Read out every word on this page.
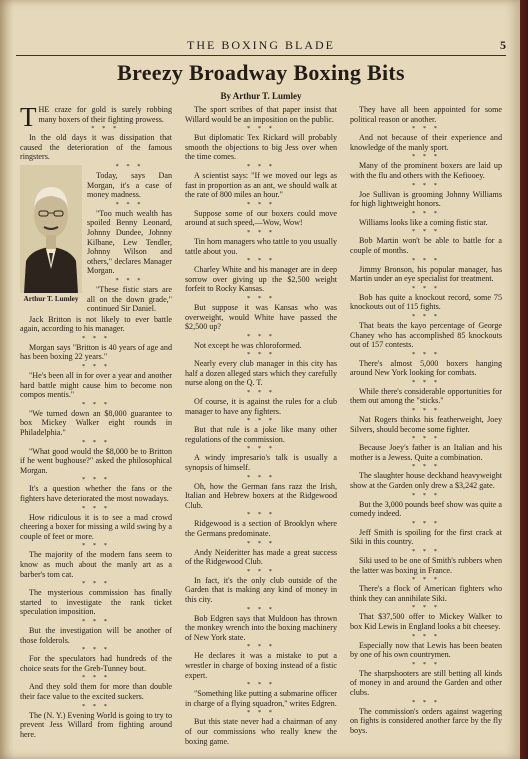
THE BOXING BLADE	5
Breezy Broadway Boxing Bits
By Arthur T. Lumley

THE craze for gold is surely robbing many boxers of their fighting prowess.

* * *

In the old days it was dissipation that caused the deterioration of the famous ringsters.

Arthur T. Lumley

* * *

Today, says Dan Morgan, it's a case of money madness.

* * *

"Too much wealth has spoiled Benny Leonard, Johnny Dundee, Johnny Kilbane, Lew Tendler, Johnny Wilson and others," declares Manager Morgan.

* * *

"These fistic stars are all on the down grade," continued Sir Daniel.

Jack Britton is not likely to ever battle again, according to his manager.

* * *

Morgan says "Britton is 40 years of age and has been boxing 22 years."

* * *

"He's been all in for over a year and another hard battle might cause him to become non compos mentis."

* * *

"We turned down an $8,000 guarantee to box Mickey Walker eight rounds in Philadelphia."

* * *

"What good would the $8,000 be to Britton if he went bughouse?" asked the philosophical Morgan.

* * *

It's a question whether the fans or the fighters have deteriorated the most nowadays.

* * *

How ridiculous it is to see a mad crowd cheering a boxer for missing a wild swing by a couple of feet or more.

* * *

The majority of the modern fans seem to know as much about the manly art as a barber's tom cat.

* * *

The mysterious commission has finally started to investigate the rank ticket speculation imposition.

* * *

But the investigation will be another of those folderols.

* * *

For the speculators had hundreds of the choice seats for the Greb-Tunney bout.

* * *

And they sold them for more than double their face value to the excited suckers.

* * *

The (N. Y.) Evening World is going to try to prevent Jess Willard from fighting around here.

The sport scribes of that paper insist that Willard would be an imposition on the public.

* * *

But diplomatic Tex Rickard will probably smooth the objections to big Jess over when the time comes.

* * *

A scientist says: "If we moved our legs as fast in proportion as an ant, we should walk at the rate of 800 miles an hour."

* * *

Suppose some of our boxers could move around at such speed,—Wow, Wow!

* * *

Tin horn managers who tattle to you usually tattle about you.

* * *

Charley White and his manager are in deep sorrow over giving up the $2,500 weight forfeit to Rocky Kansas.

* * *

But suppose it was Kansas who was overweight, would White have passed the $2,500 up?

* * *

Not except he was chloroformed.

* * *

Nearly every club manager in this city has half a dozen alleged stars which they carefully nurse along on the Q. T.

* * *

Of course, it is against the rules for a club manager to have any fighters.

* * *

But that rule is a joke like many other regulations of the commission.

* * *

A windy impresario's talk is usually a synopsis of himself.

* * *

Oh, how the German fans razz the Irish, Italian and Hebrew boxers at the Ridgewood Club.

* * *

Ridgewood is a section of Brooklyn where the Germans predominate.

* * *

Andy Neideritter has made a great success of the Ridgewood Club.

* * *

In fact, it's the only club outside of the Garden that is making any kind of money in this city.

* * *

Bob Edgren says that Muldoon has thrown the monkey wrench into the boxing machinery of New York state.

* * *

He declares it was a mistake to put a wrestler in charge of boxing instead of a fistic expert.

* * *

"Something like putting a submarine officer in charge of a flying squadron," writes Edgren.

* * *

But this state never had a chairman of any of our commissions who really knew the boxing game.

They have all been appointed for some political reason or another.

* * *

And not because of their experience and knowledge of the manly sport.

* * *

Many of the prominent boxers are laid up with the flu and others with the Kefiooey.

* * *

Joe Sullivan is grooming Johnny Williams for high lightweight honors.

* * *

Williams looks like a coming fistic star.

* * *

Bob Martin won't be able to battle for a couple of months.

* * *

Jimmy Bronson, his popular manager, has Martin under an eye specialist for treatment.

* * *

Bob has quite a knockout record, some 75 knockouts out of 115 fights.

* * *

That beats the kayo percentage of George Chaney who has accomplished 85 knockouts out of 157 contests.

* * *

There's almost 5,000 boxers hanging around New York looking for combats.

* * *

While there's considerable opportunities for them out among the "sticks."

* * *

Nat Rogers thinks his featherweight, Joey Silvers, should become some fighter.

* * *

Because Joey's father is an Italian and his mother is a Jewess. Quite a combination.

* * *

The slaughter house deckhand heavyweight show at the Garden only drew a $3,242 gate.

* * *

But the 3,000 pounds beef show was quite a comedy indeed.

* * *

Jeff Smith is spoiling for the first crack at Siki in this country.

* * *

Siki used to be one of Smith's rubbers when the latter was boxing in France.

* * *

There's a flock of American fighters who think they can annihilate Siki.

* * *

That $37,500 offer to Mickey Walker to box Kid Lewis in England looks a bit cheesey.

* * *

Especially now that Lewis has been beaten by one of his own countrymen.

* * *

The sharpshooters are still betting all kinds of money in and around the Garden and other clubs.

* * *

The commission's orders against wagering on fights is considered another farce by the fly boys.
